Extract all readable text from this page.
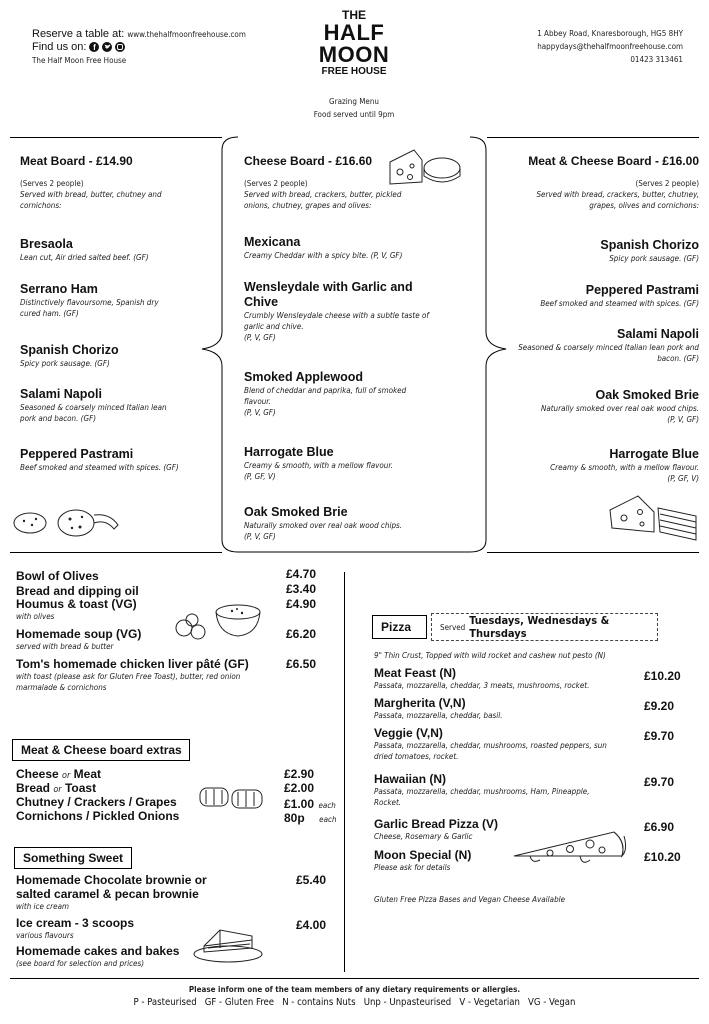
Reserve a table at: www.thehalfmoonfreehouse.com
Find us on: f
The Half Moon Free House
THE
HALF
MOON
FREE HOUSE
Grazing Menu
Food served until 9pm
1 Abbey Road, Knaresborough, HG5 8HY
happydays@thehalfmoonfreehouse.com
01423 313461
Meat Board - £14.90
(Serves 2 people)
Served with bread, butter, chutney and cornichons:
Bresaola
Lean cut, Air dried salted beef. (GF)
Serrano Ham
Distinctively flavoursome, Spanish dry cured ham. (GF)
Spanish Chorizo
Spicy pork sausage. (GF)
Salami Napoli
Seasoned & coarsely minced Italian lean pork and bacon. (GF)
Peppered Pastrami
Beef smoked and steamed with spices. (GF)
Cheese Board - £16.60
(Serves 2 people)
Served with bread, crackers, butter, pickled onions, chutney, grapes and olives:
Mexicana
Creamy Cheddar with a spicy bite. (P, V, GF)
Wensleydale with Garlic and Chive
Crumbly Wensleydale cheese with a subtle taste of garlic and chive.
(P, V, GF)
Smoked Applewood
Blend of cheddar and paprika, full of smoked flavour.
(P, V, GF)
Harrogate Blue
Creamy & smooth, with a mellow flavour.
(P, GF, V)
Oak Smoked Brie
Naturally smoked over real oak wood chips.
(P, V, GF)
Meat & Cheese Board - £16.00
(Serves 2 people)
Served with bread, crackers, butter, chutney, grapes, olives and cornichons:
Spanish Chorizo
Spicy pork sausage. (GF)
Peppered Pastrami
Beef smoked and steamed with spices. (GF)
Salami Napoli
Seasoned & coarsely minced Italian lean pork and bacon. (GF)
Oak Smoked Brie
Naturally smoked over real oak wood chips.
(P, V, GF)
Harrogate Blue
Creamy & smooth, with a mellow flavour.
(P, GF, V)
Bowl of Olives	£4.70
Bread and dipping oil	£3.40
Houmus & toast (VG)
with olives
£4.90
Homemade soup (VG)
served with bread & butter
£6.20
Tom's homemade chicken liver pâté (GF)
with toast (please ask for Gluten Free Toast), butter, red onion marmalade & cornichons
£6.50
Meat & Cheese board extras
Cheese or Meat	£2.90
Bread or Toast	£2.00
Chutney / Crackers / Grapes	£1.00 each
Cornichons / Pickled Onions	80p each
Something Sweet
Homemade Chocolate brownie or salted caramel & pecan brownie
with ice cream
£5.40
Ice cream - 3 scoops
various flavours
£4.00
Homemade cakes and bakes
(see board for selection and prices)
Pizza	Served Tuesdays, Wednesdays & Thursdays
9" Thin Crust, Topped with wild rocket and cashew nut pesto (N)
Meat Feast (N)
Passata, mozzarella, cheddar, 3 meats, mushrooms, rocket.
£10.20
Margherita (V,N)
Passata, mozzarella, cheddar, basil.
£9.20
Veggie (V,N)
Passata, mozzarella, cheddar, mushrooms, roasted peppers, sun dried tomatoes, rocket.
£9.70
Hawaiian (N)
Passata, mozzarella, cheddar, mushrooms, Ham, Pineapple, Rocket.
£9.70
Garlic Bread Pizza (V)
Cheese, Rosemary & Garlic
£6.90
Moon Special (N)
Please ask for details
£10.20
Gluten Free Pizza Bases and Vegan Cheese Available
Please inform one of the team members of any dietary requirements or allergies.
P - Pasteurised   GF - Gluten Free   N - contains Nuts   Unp - Unpasteurised   V - Vegetarian   VG - Vegan
